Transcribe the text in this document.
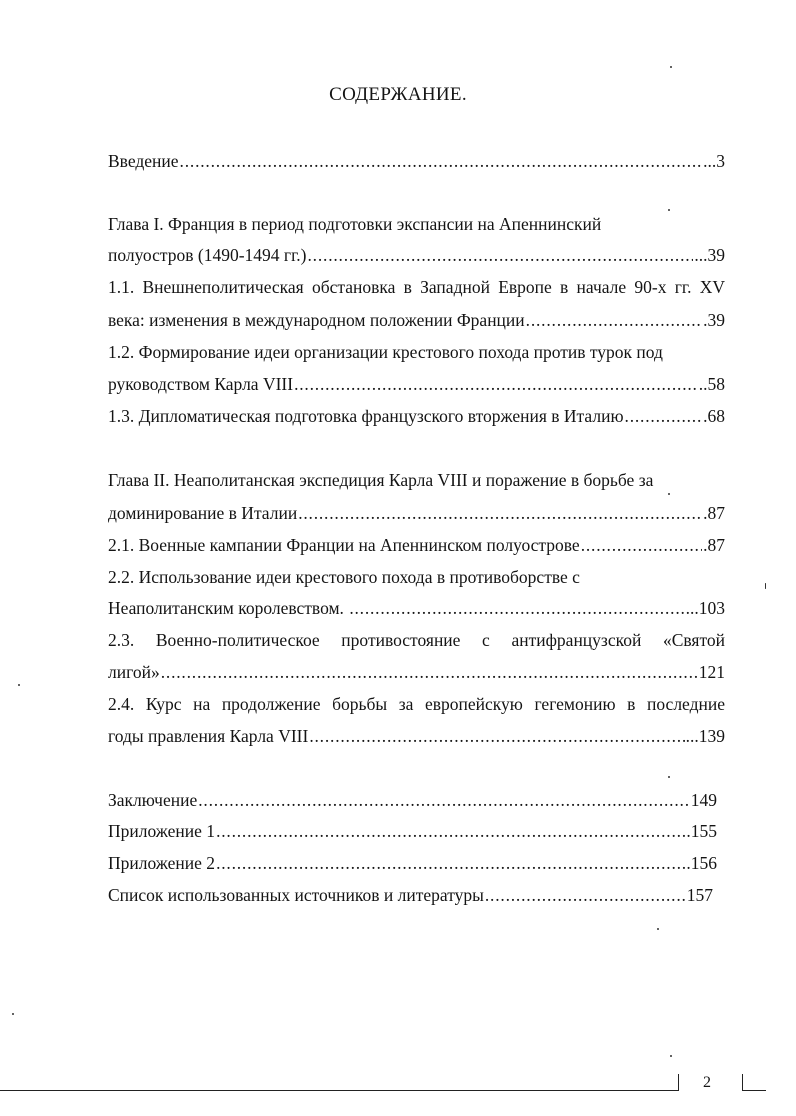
СОДЕРЖАНИЕ.
Введение .....	...3
Глава I. Франция в период подготовки экспансии на Апеннинский
полуостров (1490-1494 гг.) .....	...39
1.1. Внешнеполитическая обстановка в Западной Европе в начале 90-х гг. XV
века: изменения в международном положении Франции .....	.39
1.2. Формирование идеи организации крестового похода против турок под
руководством Карла VIII .....	..58
1.3. Дипломатическая подготовка французского вторжения в Италию .....	.68
Глава II. Неаполитанская экспедиция Карла VIII и поражение в борьбе за
доминирование в Италии .....	.87
2.1. Военные кампании Франции на Апеннинском полуострове .....	.87
2.2. Использование идеи крестового похода в противоборстве с
Неаполитанским королевством. .....	..103
2.3. Военно-политическое противостояние с антифранцузской «Святой
лигой» .....	121
2.4. Курс на продолжение борьбы за европейскую гегемонию в последние
годы правления Карла VIII .....	...139
Заключение .....	149
Приложение 1 .....	.155
Приложение 2 .....	.156
Список использованных источников и литературы .....	157
2
